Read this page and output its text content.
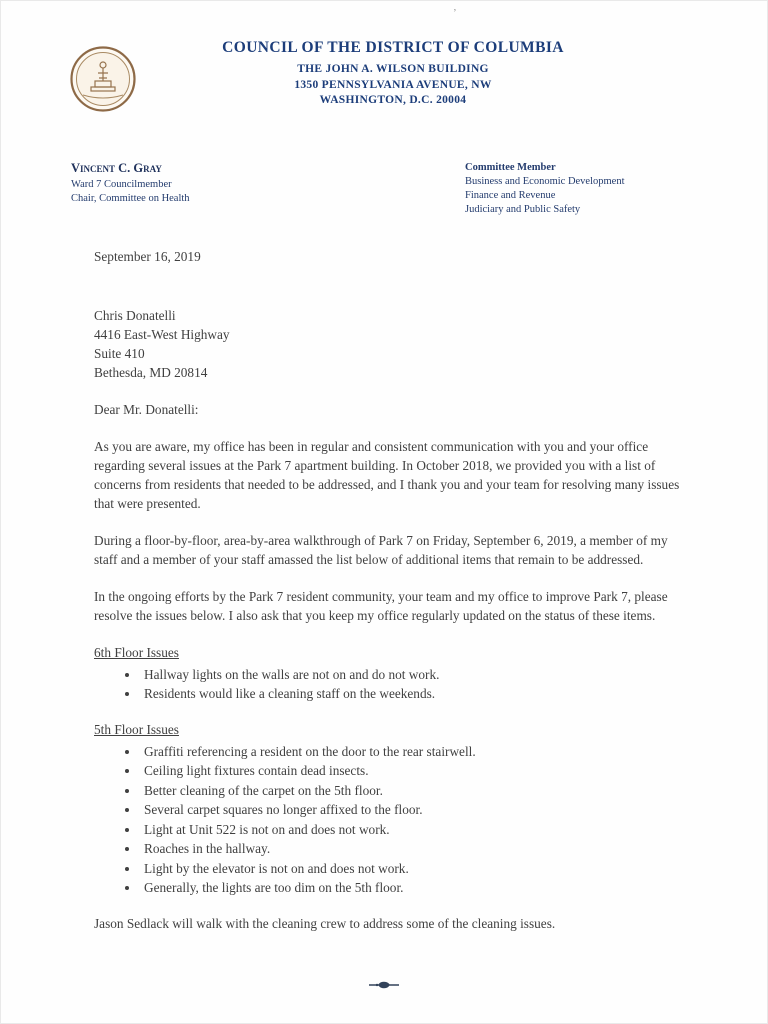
’
COUNCIL OF THE DISTRICT OF COLUMBIA
THE JOHN A. WILSON BUILDING
1350 PENNSYLVANIA AVENUE, NW
WASHINGTON, D.C. 20004
Vincent C. Gray
Ward 7 Councilmember
Chair, Committee on Health
Committee Member
Business and Economic Development
Finance and Revenue
Judiciary and Public Safety
September 16, 2019
Chris Donatelli
4416 East-West Highway
Suite 410
Bethesda, MD 20814
Dear Mr. Donatelli:

As you are aware, my office has been in regular and consistent communication with you and your office regarding several issues at the Park 7 apartment building. In October 2018, we provided you with a list of concerns from residents that needed to be addressed, and I thank you and your team for resolving many issues that were presented.

During a floor-by-floor, area-by-area walkthrough of Park 7 on Friday, September 6, 2019, a member of my staff and a member of your staff amassed the list below of additional items that remain to be addressed.

In the ongoing efforts by the Park 7 resident community, your team and my office to improve Park 7, please resolve the issues below. I also ask that you keep my office regularly updated on the status of these items.

6th Floor Issues
• Hallway lights on the walls are not on and do not work.
• Residents would like a cleaning staff on the weekends.
5th Floor Issues
• Graffiti referencing a resident on the door to the rear stairwell.
• Ceiling light fixtures contain dead insects.
• Better cleaning of the carpet on the 5th floor.
• Several carpet squares no longer affixed to the floor.
• Light at Unit 522 is not on and does not work.
• Roaches in the hallway.
• Light by the elevator is not on and does not work.
• Generally, the lights are too dim on the 5th floor.

Jason Sedlack will walk with the cleaning crew to address some of the cleaning issues.
